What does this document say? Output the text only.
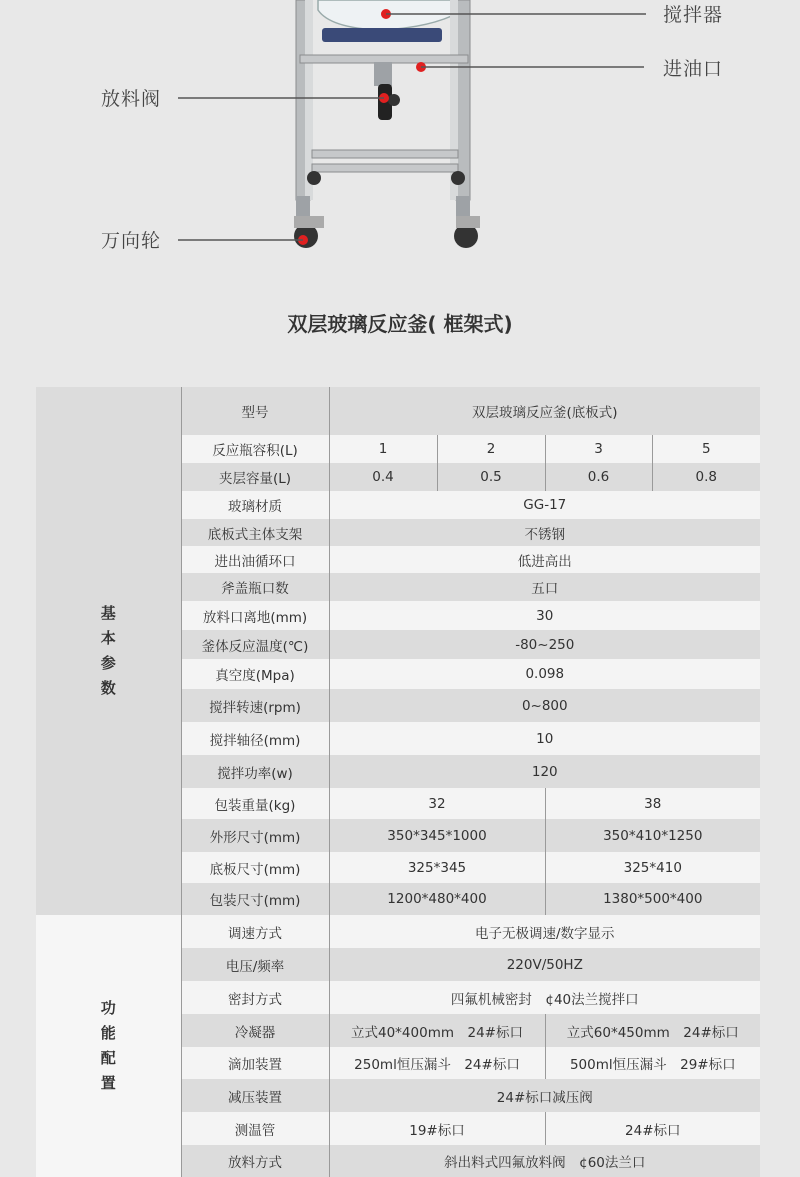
搅拌器
进油口
放料阀
万向轮
双层玻璃反应釜( 框架式)
基
本
参
数	型号	双层玻璃反应釜(底板式)			
	反应瓶容积(L)	1	2	3	5
	夹层容量(L)	0.4	0.5	0.6	0.8
	玻璃材质	GG-17			
	底板式主体支架	不锈钢			
	进出油循环口	低进高出			
	斧盖瓶口数	五口			
	放料口离地(mm)	30			
	釜体反应温度(℃)	-80~250			
	真空度(Mpa)	0.098			
	搅拌转速(rpm)	0~800			
	搅拌轴径(mm)	10			
	搅拌功率(w)	120			
	包装重量(kg)	32		38	
	外形尺寸(mm)	350*345*1000		350*410*1250	
	底板尺寸(mm)	325*345		325*410	
	包装尺寸(mm)	1200*480*400		1380*500*400	

功
能
配
置	调速方式	电子无极调速/数字显示			
	电压/频率	220V/50HZ			
	密封方式	四氟机械密封　¢40法兰搅拌口			
	冷凝器	立式40*400mm　24#标口		立式60*450mm　24#标口	
	滴加装置	250ml恒压漏斗　24#标口		500ml恒压漏斗　29#标口	
	减压装置	24#标口减压阀			
	测温管	19#标口		24#标口	
	放料方式	斜出料式四氟放料阀　¢60法兰口			
